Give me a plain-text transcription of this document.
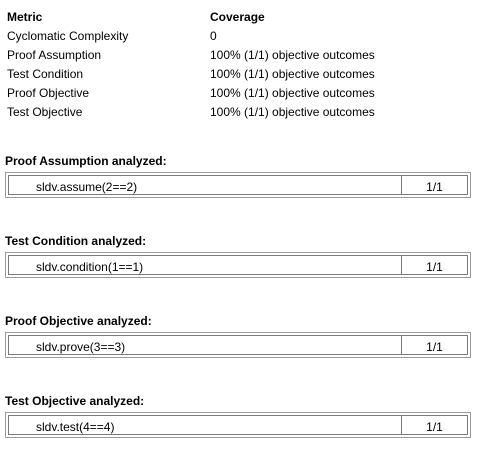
Metric	Coverage
Cyclomatic Complexity	0
Proof Assumption	100% (1/1) objective outcomes
Test Condition	100% (1/1) objective outcomes
Proof Objective	100% (1/1) objective outcomes
Test Objective	100% (1/1) objective outcomes
Proof Assumption analyzed:
sldv.assume(2==2)	1/1
Test Condition analyzed:
sldv.condition(1==1)	1/1
Proof Objective analyzed:
sldv.prove(3==3)	1/1
Test Objective analyzed:
sldv.test(4==4)	1/1
